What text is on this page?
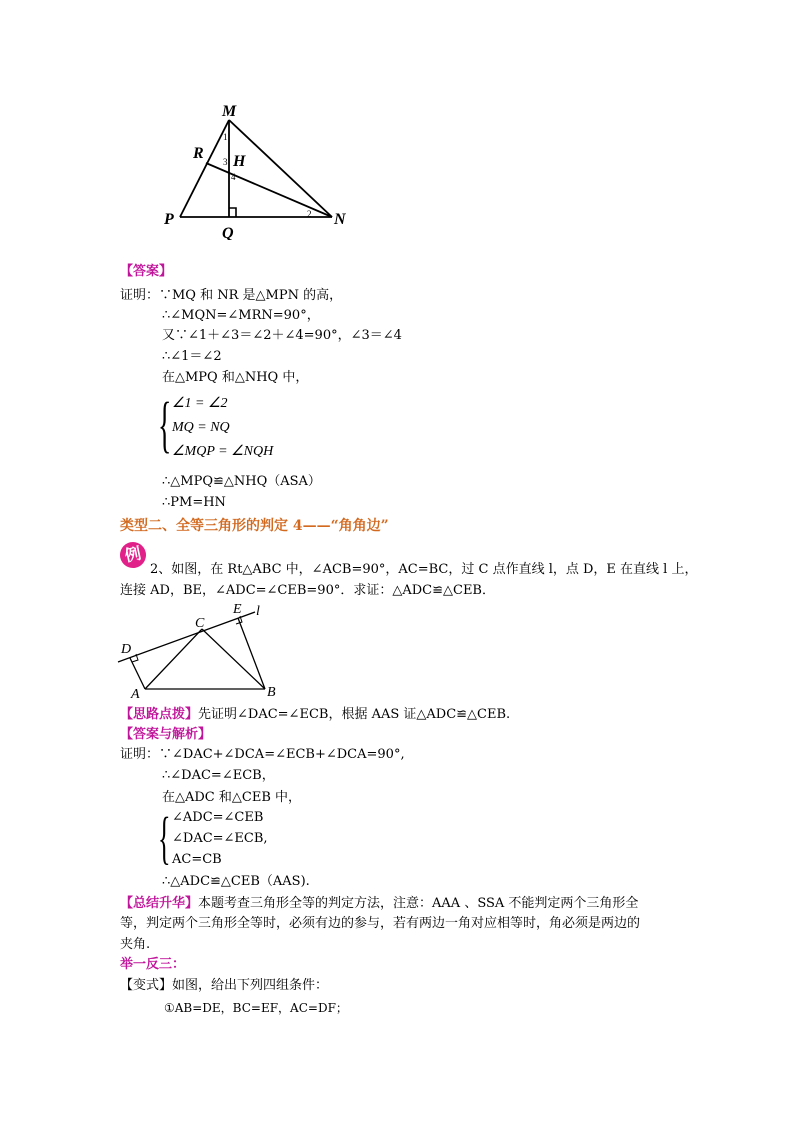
M
R H
P
Q
N
1
2
3
4
【答案】
证明：∵MQ 和 NR 是△MPN 的高，
∴∠MQN=∠MRN=90°，
又∵∠1＋∠3＝∠2＋∠4=90°，∠3＝∠4
∴∠1＝∠2
在△MPQ 和△NHQ 中，
{ ∠1 = ∠2
MQ = NQ
∠MQP = ∠NQH
∴△MPQ≌△NHQ（ASA）
∴PM=HN
类型二、全等三角形的判定 4——“角角边”
例
2、如图，在 Rt△ABC 中，∠ACB=90°，AC=BC，过 C 点作直线 l，点 D，E 在直线 l 上，
连接 AD，BE，∠ADC=∠CEB=90°．求证：△ADC≌△CEB．
D
E l
C
A	B
【思路点拨】先证明∠DAC=∠ECB，根据 AAS 证△ADC≌△CEB.
【答案与解析】
证明：∵∠DAC+∠DCA=∠ECB+∠DCA=90°,
∴∠DAC=∠ECB，
在△ADC 和△CEB 中，
{ ∠ADC=∠CEB
∠DAC=∠ECB,
AC=CB
∴△ADC≌△CEB（AAS).
【总结升华】本题考查三角形全等的判定方法，注意：AAA 、SSA 不能判定两个三角形全
等，判定两个三角形全等时，必须有边的参与，若有两边一角对应相等时，角必须是两边的
夹角.
举一反三：
【变式】如图，给出下列四组条件：
①AB=DE，BC=EF，AC=DF；
